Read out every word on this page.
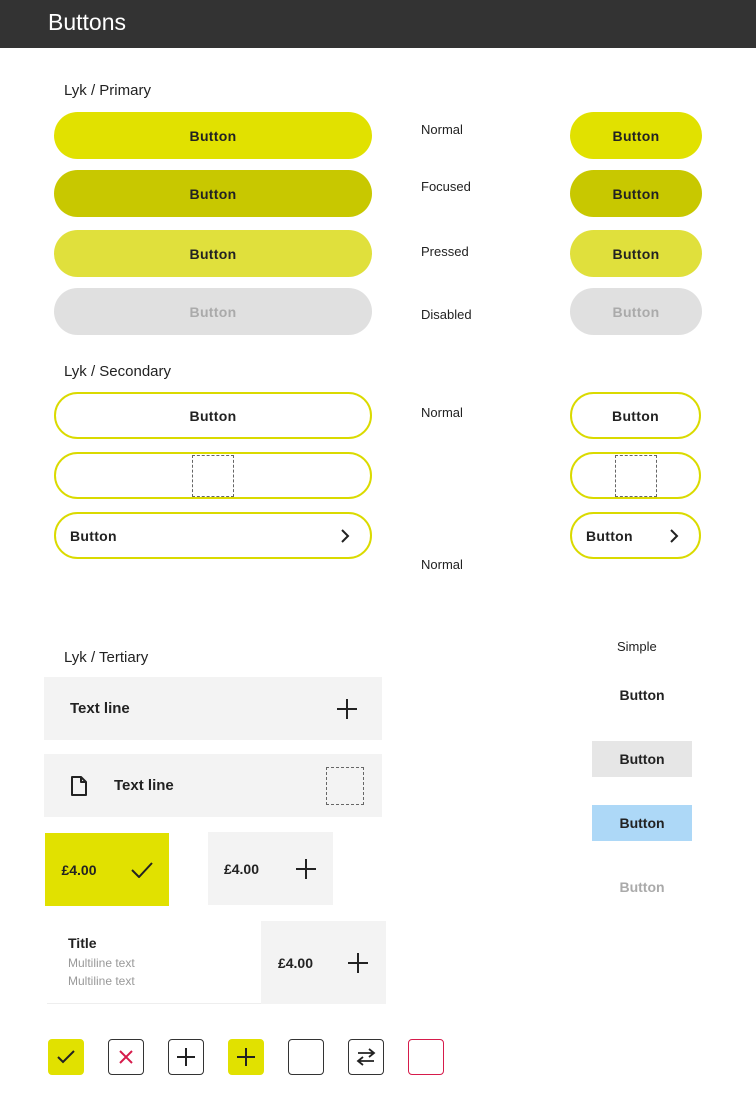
Buttons
Lyk / Primary
Button
Button
Button
Button
Normal
Focused
Pressed
Disabled
Button
Button
Button
Button
Lyk / Secondary
Button
Button
Normal
Normal
Button
Button
Lyk / Tertiary
Text line
Text line
£4.00	£4.00
Title
Multiline text
Multiline text
£4.00
Simple
Button
Button
Button
Button
